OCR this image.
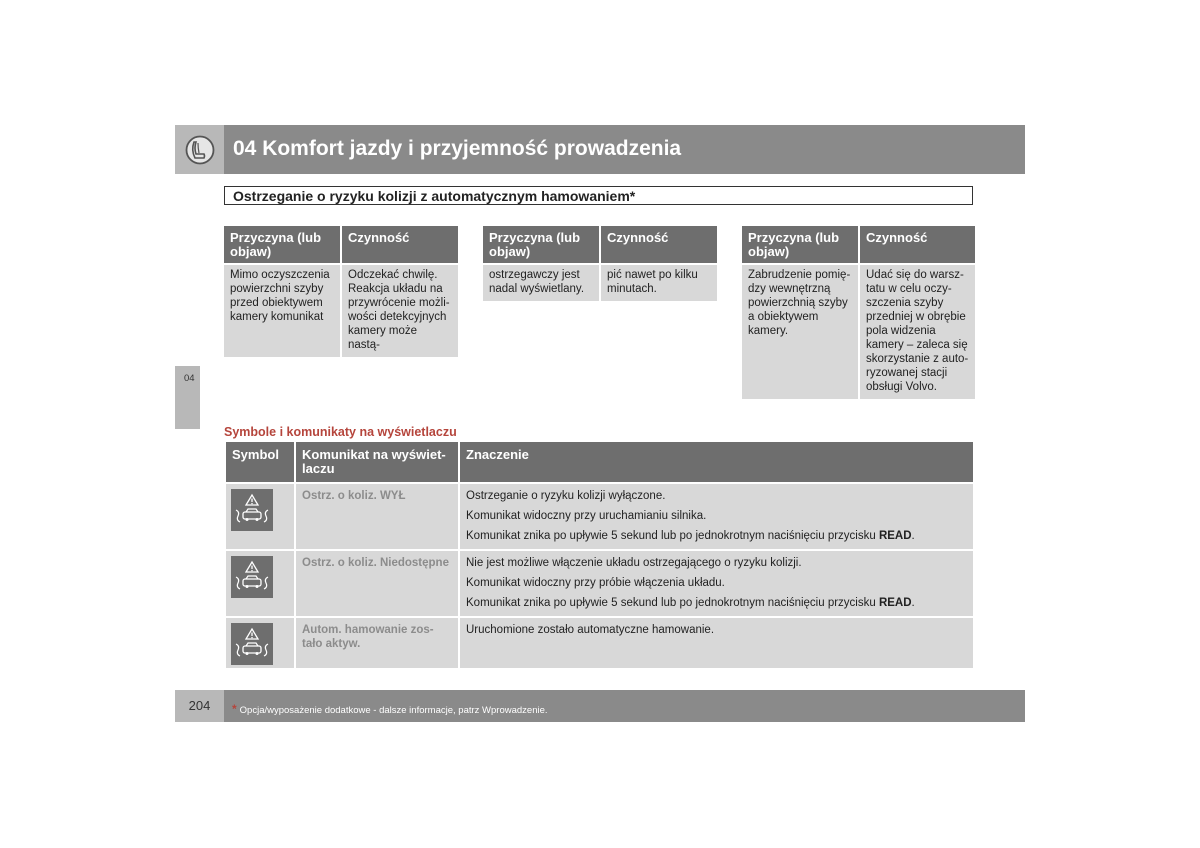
04 Komfort jazdy i przyjemność prowadzenia
Ostrzeganie o ryzyku kolizji z automatycznym hamowaniem*
04
Przyczyna (lub objaw)	Czynność
Mimo oczyszczenia powierzchni szyby przed obiektywem kamery komunikat	Odczekać chwilę. Reakcja układu na przywrócenie możli-wości detekcyjnych kamery może nastą-
Przyczyna (lub objaw)	Czynność
ostrzegawczy jest nadal wyświetlany.	pić nawet po kilku minutach.
Przyczyna (lub objaw)	Czynność
Zabrudzenie pomię-dzy wewnętrzną powierzchnią szyby a obiektywem kamery.	Udać się do warsz-tatu w celu oczy-szczenia szyby przedniej w obrębie pola widzenia kamery – zaleca się skorzystanie z auto-ryzowanej stacji obsługi Volvo.
Symbole i komunikaty na wyświetlaczu
Symbol	Komunikat na wyświet-laczu	Znaczenie

	Ostrz. o koliz. WYŁ	Ostrzeganie o ryzyku kolizji wyłączone.
Komunikat widoczny przy uruchamianiu silnika.
Komunikat znika po upływie 5 sekund lub po jednokrotnym naciśnięciu przycisku READ.

	Ostrz. o koliz. Niedostępne	Nie jest możliwe włączenie układu ostrzegającego o ryzyku kolizji.
Komunikat widoczny przy próbie włączenia układu.
Komunikat znika po upływie 5 sekund lub po jednokrotnym naciśnięciu przycisku READ.

	Autom. hamowanie zos-tało aktyw.	Uruchomione zostało automatyczne hamowanie.
204	* Opcja/wyposażenie dodatkowe - dalsze informacje, patrz Wprowadzenie.
